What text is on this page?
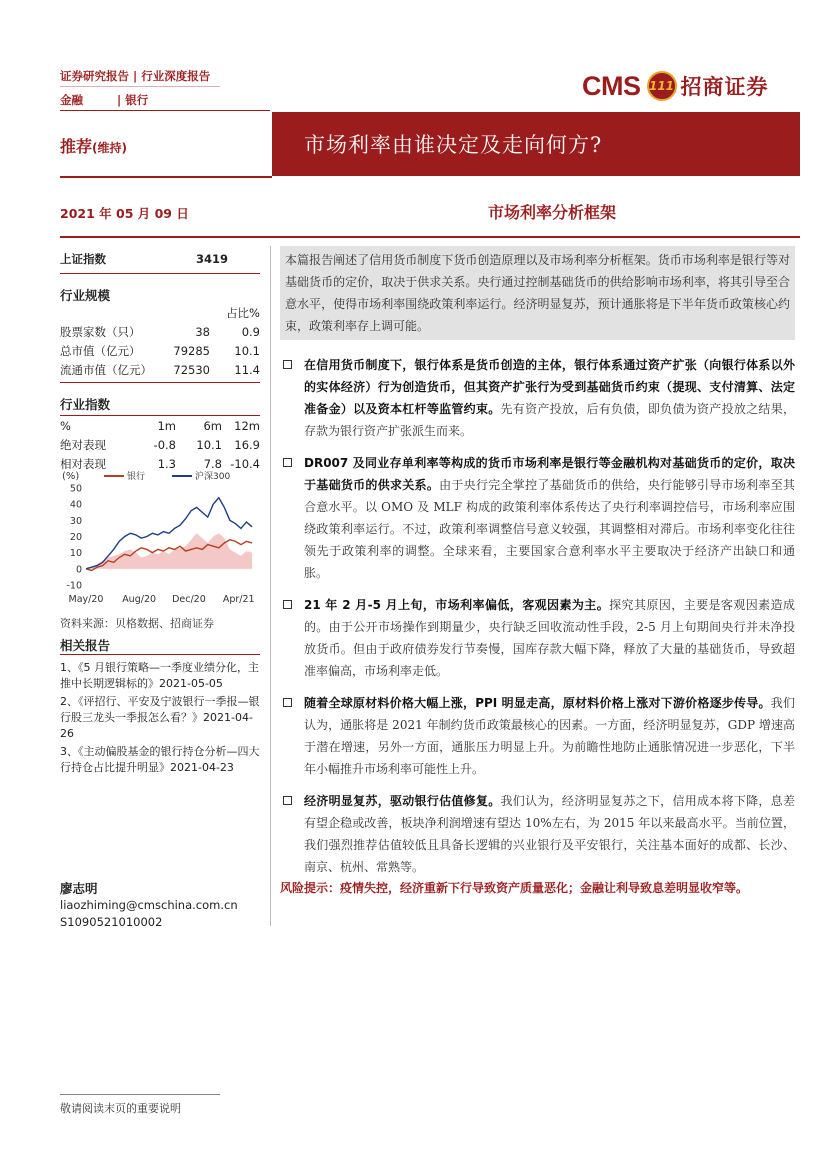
证券研究报告 | 行业深度报告
金融	| 银行	CMS 111 招商证券
市场利率由谁决定及走向何方?
推荐(维持)
2021 年 05 月 09 日	市场利率分析框架
上证指数	3419
行业规模
占比%
股票家数（只）	38	0.9
总市值（亿元）	79285	10.1
流通市值（亿元）	72530	11.4
行业指数
%	1m	6m	12m
绝对表现	-0.8	10.1	16.9
相对表现	1.3	7.8 -10.4
(%)	银行	沪深300
50
40
30
20
10
0
-10
May/20 Aug/20 Dec/20 Apr/21
资料来源：贝格数据、招商证券
相关报告

1、《5 月银行策略—一季度业绩分化，主推中长期逻辑标的》2021-05-05

2、《评招行、平安及宁波银行一季报—银行股三龙头一季报怎么看？》2021-04-26

3、《主动偏股基金的银行持仓分析—四大行持仓占比提升明显》2021-04-23

廖志明
liaozhiming@cmschina.com.cn
S1090521010002
本篇报告阐述了信用货币制度下货币创造原理以及市场利率分析框架。货币市场利率是银行等对基础货币的定价，取决于供求关系。央行通过控制基础货币的供给影响市场利率，将其引导至合意水平，使得市场利率围绕政策利率运行。经济明显复苏，预计通胀将是下半年货币政策核心约束，政策利率存上调可能。
在信用货币制度下，银行体系是货币创造的主体，银行体系通过资产扩张（向银行体系以外的实体经济）行为创造货币，但其资产扩张行为受到基础货币约束（提现、支付清算、法定准备金）以及资本杠杆等监管约束。先有资产投放，后有负债，即负债为资产投放之结果，存款为银行资产扩张派生而来。
DR007 及同业存单利率等构成的货币市场利率是银行等金融机构对基础货币的定价，取决于基础货币的供求关系。由于央行完全掌控了基础货币的供给，央行能够引导市场利率至其合意水平。以 OMO 及 MLF 构成的政策利率体系传达了央行利率调控信号，市场利率应围绕政策利率运行。不过，政策利率调整信号意义较强，其调整相对滞后。市场利率变化往往领先于政策利率的调整。全球来看，主要国家合意利率水平主要取决于经济产出缺口和通胀。
21 年 2 月-5 月上旬，市场利率偏低，客观因素为主。探究其原因，主要是客观因素造成的。由于公开市场操作到期量少，央行缺乏回收流动性手段，2-5 月上旬期间央行并未净投放货币。但由于政府债券发行节奏慢，国库存款大幅下降，释放了大量的基础货币，导致超准率偏高，市场利率走低。
随着全球原材料价格大幅上涨，PPI 明显走高，原材料价格上涨对下游价格逐步传导。我们认为，通胀将是 2021 年制约货币政策最核心的因素。一方面，经济明显复苏，GDP 增速高于潜在增速，另外一方面，通胀压力明显上升。为前瞻性地防止通胀情况进一步恶化，下半年小幅推升市场利率可能性上升。
经济明显复苏，驱动银行估值修复。我们认为，经济明显复苏之下，信用成本将下降，息差有望企稳或改善，板块净利润增速有望达 10%左右，为 2015 年以来最高水平。当前位置，我们强烈推荐估值较低且具备长逻辑的兴业银行及平安银行，关注基本面好的成都、长沙、南京、杭州、常熟等。
风险提示：疫情失控，经济重新下行导致资产质量恶化；金融让利导致息差明显收窄等。
敬请阅读末页的重要说明
